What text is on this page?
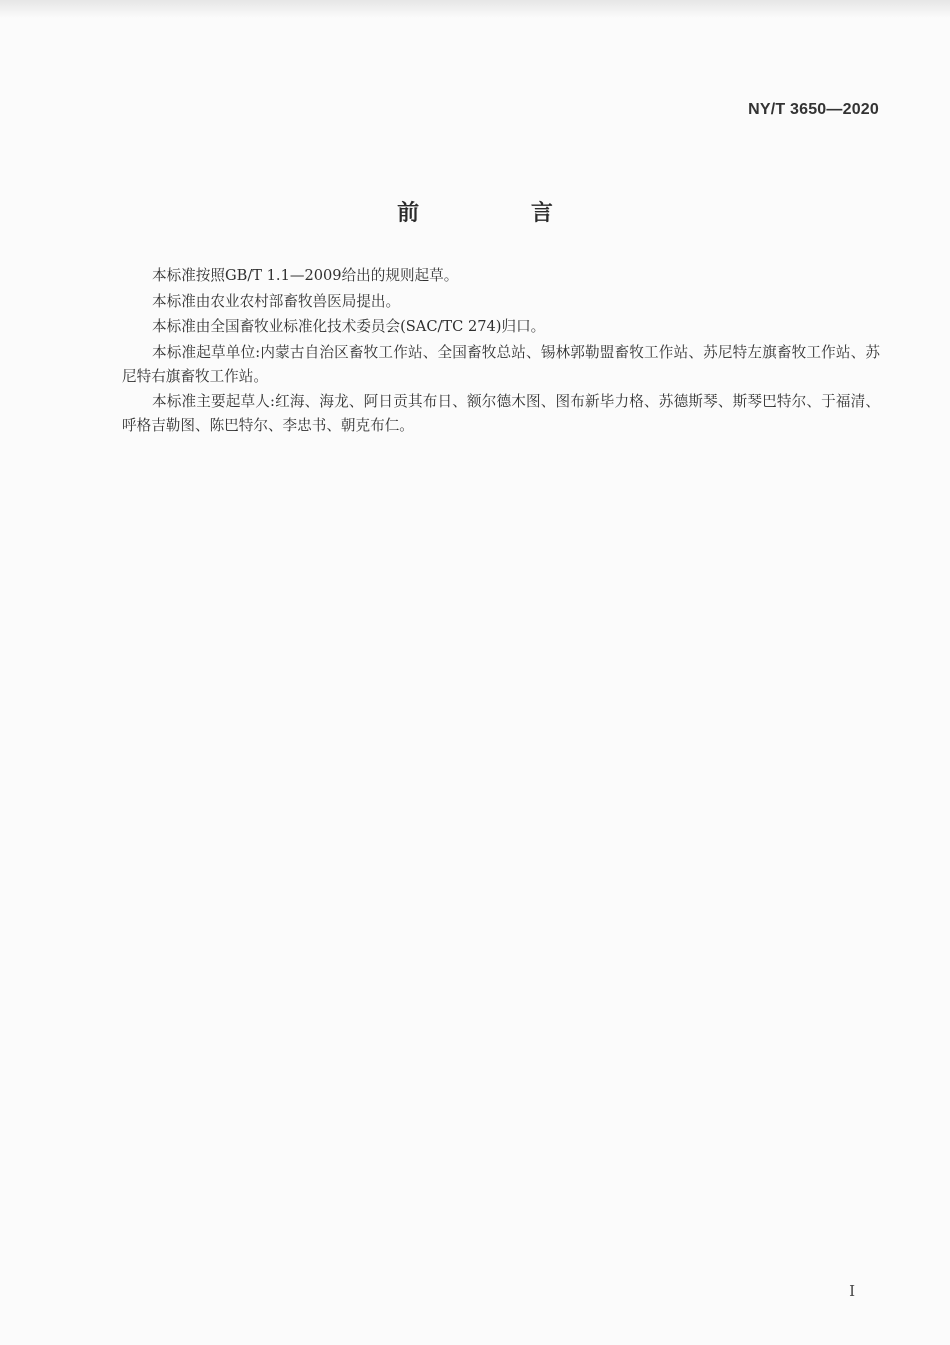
NY/T 3650—2020
前 言

本标准按照GB/T 1.1—2009给出的规则起草。

本标准由农业农村部畜牧兽医局提出。

本标准由全国畜牧业标准化技术委员会(SAC/TC 274)归口。

本标准起草单位:内蒙古自治区畜牧工作站、全国畜牧总站、锡林郭勒盟畜牧工作站、苏尼特左旗畜牧工作站、苏尼特右旗畜牧工作站。

本标准主要起草人:红海、海龙、阿日贡其布日、额尔德木图、图布新毕力格、苏德斯琴、斯琴巴特尔、于福清、呼格吉勒图、陈巴特尔、李忠书、朝克布仁。

I
